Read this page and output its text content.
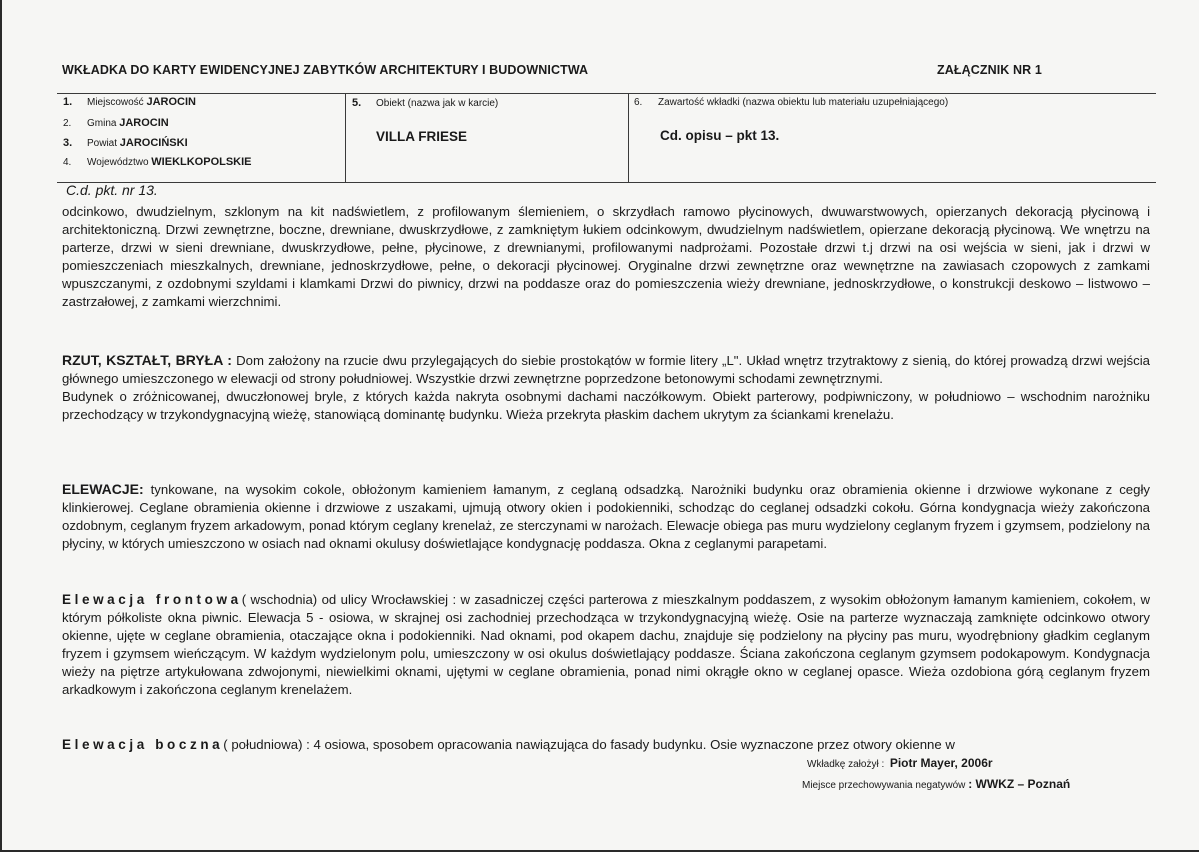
WKŁADKA DO KARTY EWIDENCYJNEJ ZABYTKÓW ARCHITEKTURY I BUDOWNICTWA	ZAŁĄCZNIK NR 1
1. Miejscowość JAROCIN
2. Gmina JAROCIN
3. Powiat JAROCIŃSKI
4. Województwo WIEKLKOPOLSKIE
5. Obiekt (nazwa jak w karcie)
VILLA FRIESE
6. Zawartość wkładki (nazwa obiektu lub materiału uzupełniającego)
Cd. opisu – pkt 13.
C.d. pkt. nr 13.

odcinkowo, dwudzielnym, szklonym na kit nadświetlem, z profilowanym ślemieniem, o skrzydłach ramowo płycinowych, dwuwarstwowych, opierzanych dekoracją płycinową i architektoniczną. Drzwi zewnętrzne, boczne, drewniane, dwuskrzydłowe, z zamkniętym łukiem odcinkowym, dwudzielnym nadświetlem, opierzane dekoracją płycinową. We wnętrzu na parterze, drzwi w sieni drewniane, dwuskrzydłowe, pełne, płycinowe, z drewnianymi, profilowanymi nadprożami. Pozostałe drzwi t.j drzwi na osi wejścia w sieni, jak i drzwi w pomieszczeniach mieszkalnych, drewniane, jednoskrzydłowe, pełne, o dekoracji płycinowej. Oryginalne drzwi zewnętrzne oraz wewnętrzne na zawiasach czopowych z zamkami wpuszczanymi, z ozdobnymi szyldami i klamkami Drzwi do piwnicy, drzwi na poddasze oraz do pomieszczenia wieży drewniane, jednoskrzydłowe, o konstrukcji deskowo – listwowo – zastrzałowej, z zamkami wierzchnimi.

RZUT, KSZTAŁT, BRYŁA : Dom założony na rzucie dwu przylegających do siebie prostokątów w formie litery „L". Układ wnętrz trzytraktowy z sienią, do której prowadzą drzwi wejścia głównego umieszczonego w elewacji od strony południowej. Wszystkie drzwi zewnętrzne poprzedzone betonowymi schodami zewnętrznymi.

Budynek o zróżnicowanej, dwuczłonowej bryle, z których każda nakryta osobnymi dachami naczółkowym. Obiekt parterowy, podpiwniczony, w południowo – wschodnim narożniku przechodzący w trzykondygnacyjną wieżę, stanowiącą dominantę budynku. Wieża przekryta płaskim dachem ukrytym za ściankami krenelażu.

ELEWACJE: tynkowane, na wysokim cokole, obłożonym kamieniem łamanym, z ceglaną odsadzką. Narożniki budynku oraz obramienia okienne i drzwiowe wykonane z cegły klinkierowej. Ceglane obramienia okienne i drzwiowe z uszakami, ujmują otwory okien i podokienniki, schodząc do ceglanej odsadzki cokołu. Górna kondygnacja wieży zakończona ozdobnym, ceglanym fryzem arkadowym, ponad którym ceglany krenelaż, ze sterczynami w narożach. Elewacje obiega pas muru wydzielony ceglanym fryzem i gzymsem, podzielony na płyciny, w których umieszczono w osiach nad oknami okulusy doświetlające kondygnację poddasza. Okna z ceglanymi parapetami.

Elewacja frontowa( wschodnia) od ulicy Wrocławskiej : w zasadniczej części parterowa z mieszkalnym poddaszem, z wysokim obłożonym łamanym kamieniem, cokołem, w którym półkoliste okna piwnic. Elewacja 5 - osiowa, w skrajnej osi zachodniej przechodząca w trzykondygnacyjną wieżę. Osie na parterze wyznaczają zamknięte odcinkowo otwory okienne, ujęte w ceglane obramienia, otaczające okna i podokienniki. Nad oknami, pod okapem dachu, znajduje się podzielony na płyciny pas muru, wyodrębniony gładkim ceglanym fryzem i gzymsem wieńczącym. W każdym wydzielonym polu, umieszczony w osi okulus doświetlający poddasze. Ściana zakończona ceglanym gzymsem podokapowym. Kondygnacja wieży na piętrze artykułowana zdwojonymi, niewielkimi oknami, ujętymi w ceglane obramienia, ponad nimi okrągłe okno w ceglanej opasce. Wieża ozdobiona górą ceglanym fryzem arkadkowym i zakończona ceglanym krenelażem.

Elewacja boczna( południowa) : 4 osiowa, sposobem opracowania nawiązująca do fasady budynku. Osie wyznaczone przez otwory okienne w

Wkładkę założył : Piotr Mayer, 2006r
Miejsce przechowywania negatywów : WWKZ – Poznań
